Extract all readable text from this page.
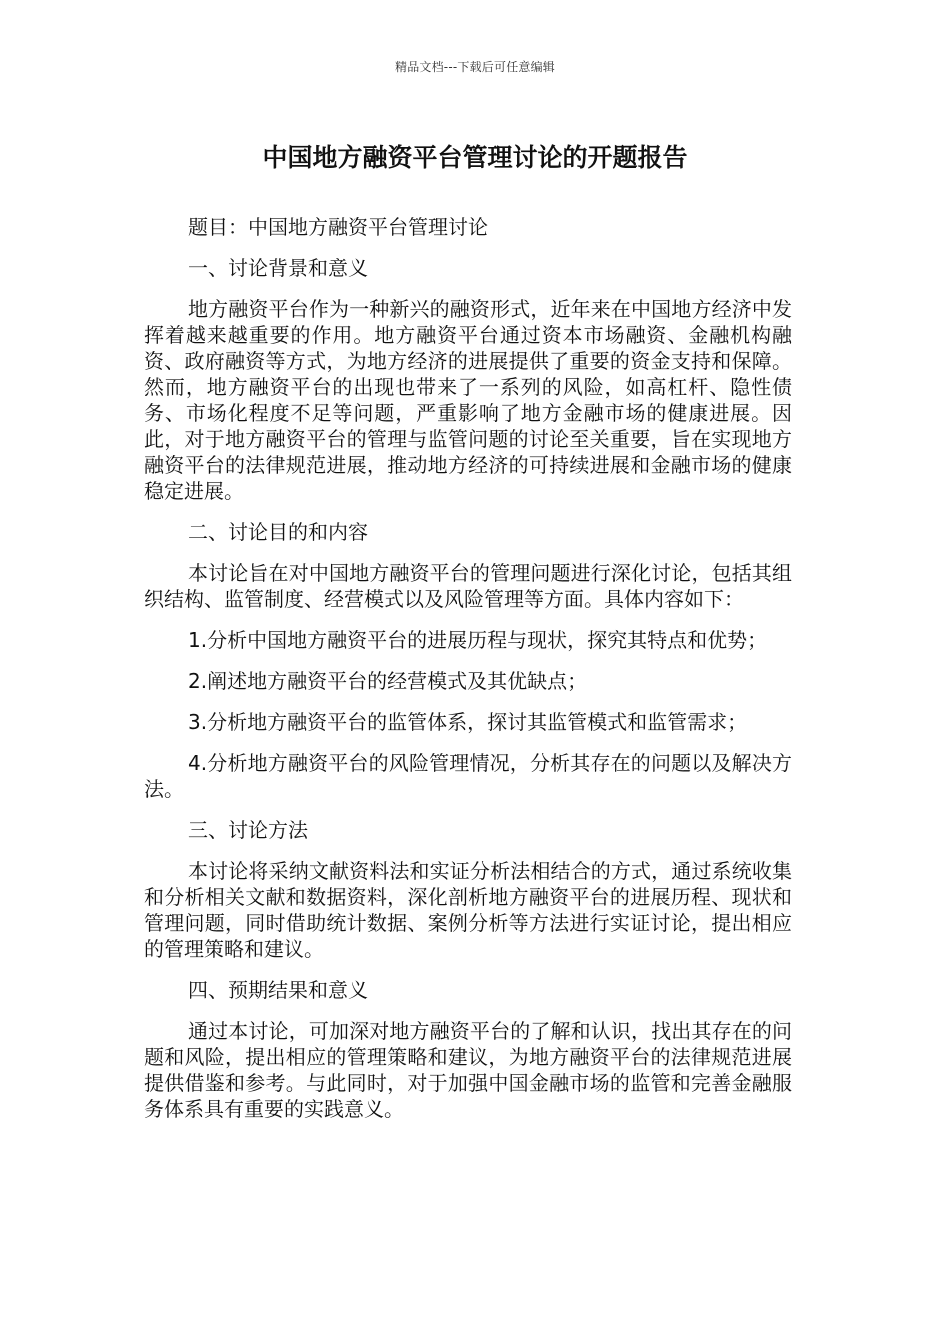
精品文档---下载后可任意编辑
中国地方融资平台管理讨论的开题报告

题目：中国地方融资平台管理讨论

一、讨论背景和意义

地方融资平台作为一种新兴的融资形式，近年来在中国地方经济中发挥着越来越重要的作用。地方融资平台通过资本市场融资、金融机构融资、政府融资等方式，为地方经济的进展提供了重要的资金支持和保障。然而，地方融资平台的出现也带来了一系列的风险，如高杠杆、隐性债务、市场化程度不足等问题，严重影响了地方金融市场的健康进展。因此，对于地方融资平台的管理与监管问题的讨论至关重要，旨在实现地方融资平台的法律规范进展，推动地方经济的可持续进展和金融市场的健康稳定进展。

二、讨论目的和内容

本讨论旨在对中国地方融资平台的管理问题进行深化讨论，包括其组织结构、监管制度、经营模式以及风险管理等方面。具体内容如下：

1.分析中国地方融资平台的进展历程与现状，探究其特点和优势；

2.阐述地方融资平台的经营模式及其优缺点；

3.分析地方融资平台的监管体系，探讨其监管模式和监管需求；

4.分析地方融资平台的风险管理情况，分析其存在的问题以及解决方法。

三、讨论方法

本讨论将采纳文献资料法和实证分析法相结合的方式，通过系统收集和分析相关文献和数据资料，深化剖析地方融资平台的进展历程、现状和管理问题，同时借助统计数据、案例分析等方法进行实证讨论，提出相应的管理策略和建议。

四、预期结果和意义

通过本讨论，可加深对地方融资平台的了解和认识，找出其存在的问题和风险，提出相应的管理策略和建议，为地方融资平台的法律规范进展提供借鉴和参考。与此同时，对于加强中国金融市场的监管和完善金融服务体系具有重要的实践意义。
